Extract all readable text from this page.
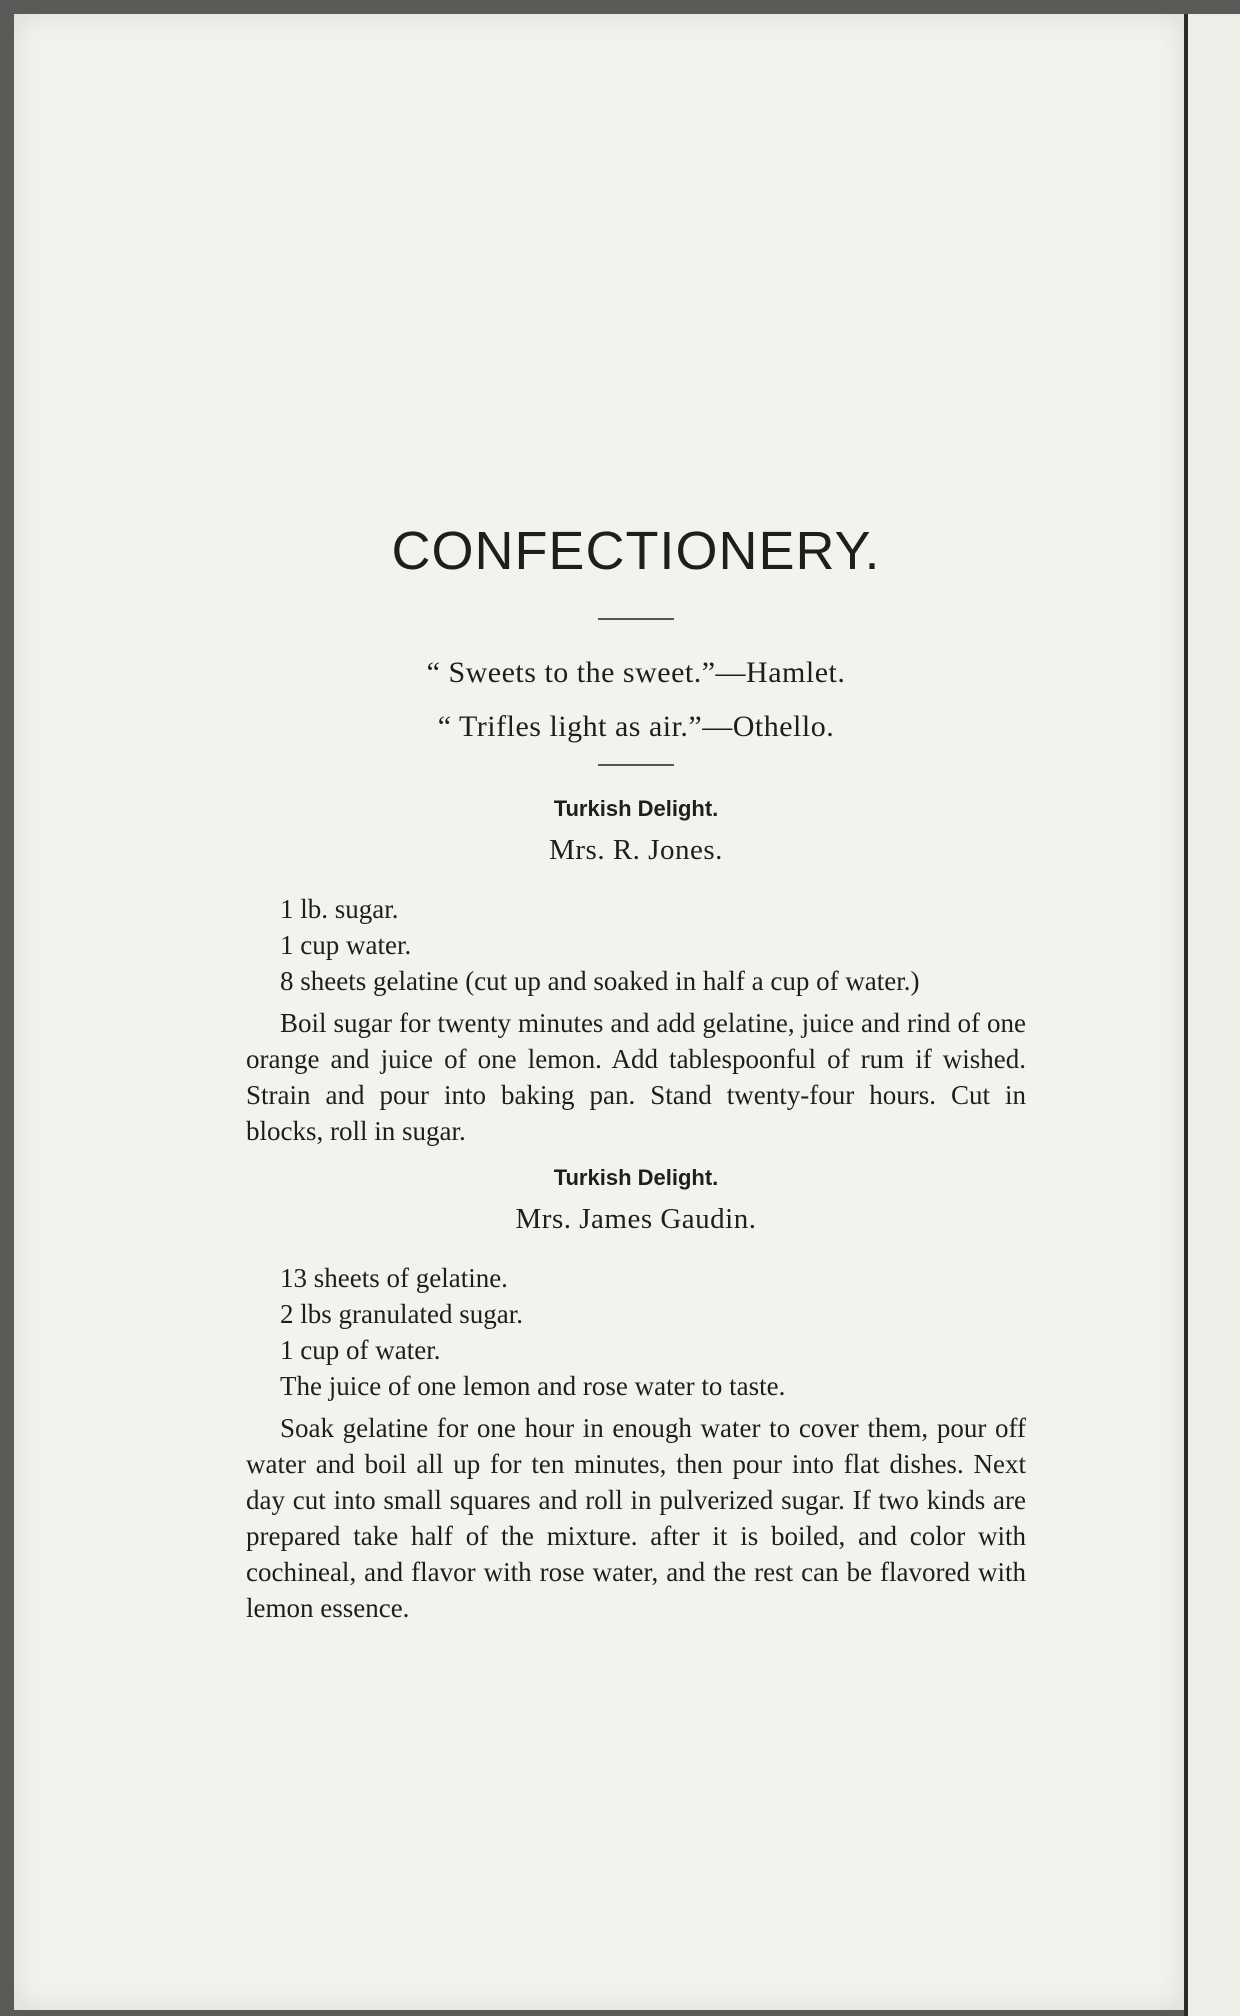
CONFECTIONERY.

“ Sweets to the sweet.”—Hamlet.

“ Trifles light as air.”—Othello.

Turkish Delight.

Mrs. R. Jones.

1 lb. sugar.

1 cup water.

8 sheets gelatine (cut up and soaked in half a cup of water.)

Boil sugar for twenty minutes and add gelatine, juice and rind of one orange and juice of one lemon. Add tablespoonful of rum if wished. Strain and pour into baking pan. Stand twenty-four hours. Cut in blocks, roll in sugar.

Turkish Delight.

Mrs. James Gaudin.

13 sheets of gelatine.

2 lbs granulated sugar.

1 cup of water.

The juice of one lemon and rose water to taste.

Soak gelatine for one hour in enough water to cover them, pour off water and boil all up for ten minutes, then pour into flat dishes. Next day cut into small squares and roll in pulverized sugar. If two kinds are prepared take half of the mixture. after it is boiled, and color with cochineal, and flavor with rose water, and the rest can be flavored with lemon essence.
